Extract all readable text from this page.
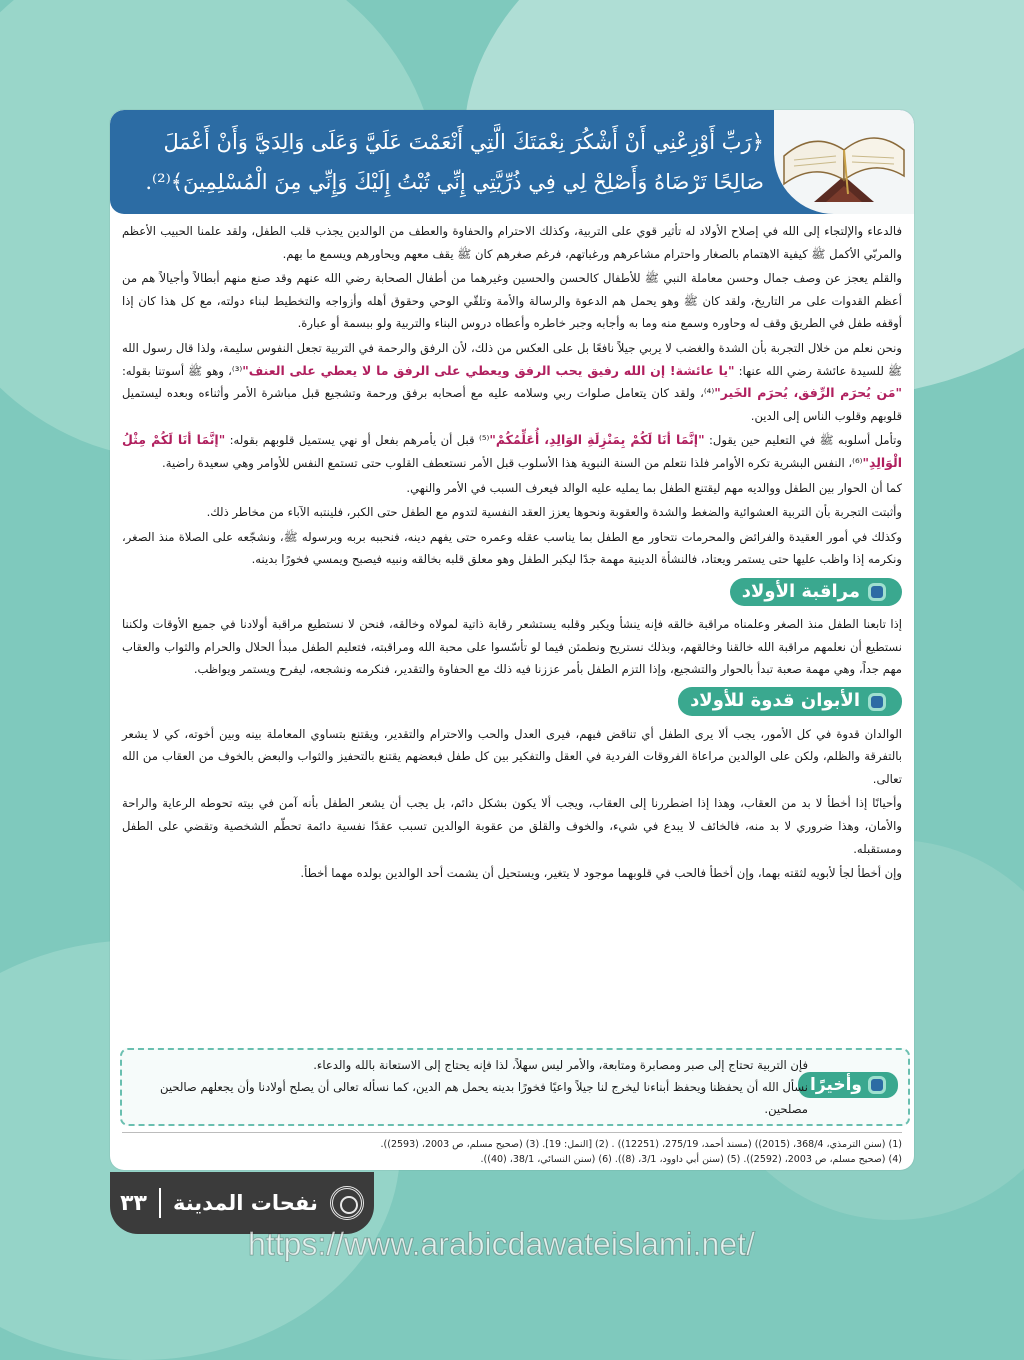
﴿رَبِّ أَوْزِعْنِي أَنْ أَشْكُرَ نِعْمَتَكَ الَّتِي أَنْعَمْتَ عَلَيَّ وَعَلَى وَالِدَيَّ وَأَنْ أَعْمَلَ صَالِحًا تَرْضَاهُ وَأَصْلِحْ لِي فِي ذُرِّيَّتِي إِنِّي تُبْتُ إِلَيْكَ وَإِنِّي مِنَ الْمُسْلِمِينَ﴾⁽²⁾.

فالدعاء والإلتجاء إلى الله في إصلاح الأولاد له تأثير قوي على التربية، وكذلك الاحترام والحفاوة والعطف من الوالدين يجذب قلب الطفل، ولقد علمنا الحبيب الأعظم والمربّي الأكمل ﷺ كيفية الاهتمام بالصغار واحترام مشاعرهم ورغباتهم، فرغم صغرهم كان ﷺ يقف معهم ويحاورهم ويسمع ما بهم.

والقلم يعجز عن وصف جمال وحسن معاملة النبي ﷺ للأطفال كالحسن والحسين وغيرهما من أطفال الصحابة رضي الله عنهم وقد صنع منهم أبطالاً وأجيالاً هم من أعظم القدوات على مر التاريخ، ولقد كان ﷺ وهو يحمل هم الدعوة والرسالة والأمة وتلقّي الوحي وحقوق أهله وأزواجه والتخطيط لبناء دولته، مع كل هذا كان إذا أوقفه طفل في الطريق وقف له وحاوره وسمع منه وما به وأجابه وجبر خاطره وأعطاه دروس البناء والتربية ولو ببسمة أو عبارة.

ونحن نعلم من خلال التجربة بأن الشدة والغضب لا يربي جيلاً نافعًا بل على العكس من ذلك، لأن الرفق والرحمة في التربية تجعل النفوس سليمة، ولذا قال رسول الله ﷺ للسيدة عائشة رضي الله عنها: "يا عائشة! إن الله رفيق يحب الرفق ويعطي على الرفق ما لا يعطي على العنف"⁽³⁾، وهو ﷺ أسوتنا بقوله: "مَن يُحرَم الرِّفق، يُحرَم الخَير"⁽⁴⁾، ولقد كان يتعامل صلوات ربي وسلامه عليه مع أصحابه برفق ورحمة وتشجيع قبل مباشرة الأمر وأثناءه وبعده ليستميل قلوبهم وقلوب الناس إلى الدين.

وتأمل أسلوبه ﷺ في التعليم حين يقول: "إنَّمَا أنَا لَكُمْ بِمَنْزِلَةِ الوَالِدِ، أُعَلِّمُكُمْ"⁽⁵⁾ قبل أن يأمرهم بفعل أو نهي يستميل قلوبهم بقوله: "إنَّمَا أنَا لَكُمْ مِثْلُ الْوَالِدِ"⁽⁶⁾، النفس البشرية تكره الأوامر فلذا نتعلم من السنة النبوية هذا الأسلوب قبل الأمر نستعطف القلوب حتى تستمع النفس للأوامر وهي سعيدة راضية.

كما أن الحوار بين الطفل ووالديه مهم ليقتنع الطفل بما يمليه عليه الوالد فيعرف السبب في الأمر والنهي.

وأثبتت التجربة بأن التربية العشوائية والضغط والشدة والعقوبة ونحوها يعزز العقد النفسية لتدوم مع الطفل حتى الكبر، فلينتبه الآباء من مخاطر ذلك.

وكذلك في أمور العقيدة والفرائض والمحرمات نتحاور مع الطفل بما يناسب عقله وعمره حتى يفهم دينه، فنحببه بربه وبرسوله ﷺ، ونشجّعه على الصلاة منذ الصغر، ونكرمه إذا واظب عليها حتى يستمر ويعتاد، فالنشأة الدينية مهمة جدًا ليكبر الطفل وهو معلق قلبه بخالقه ونبيه فيصبح ويمسي فخورًا بدينه.

مراقبة الأولاد

إذا تابعنا الطفل منذ الصغر وعلمناه مراقبة خالقه فإنه ينشأ ويكبر وقلبه يستشعر رقابة ذاتية لمولاه وخالقه، فنحن لا نستطيع مراقبة أولادنا في جميع الأوقات ولكننا نستطيع أن نعلمهم مراقبة الله خالقنا وخالقهم، وبذلك نستريح ونطمئن فيما لو تأسّسوا على محبة الله ومراقبته، فتعليم الطفل مبدأ الحلال والحرام والثواب والعقاب مهم جداً، وهي مهمة صعبة تبدأ بالحوار والتشجيع، وإذا التزم الطفل بأمر عززنا فيه ذلك مع الحفاوة والتقدير، فنكرمه ونشجعه، ليفرح ويستمر ويواظب.

الأبوان قدوة للأولاد

الوالدان قدوة في كل الأمور، يجب ألا يرى الطفل أي تناقض فيهم، فيرى العدل والحب والاحترام والتقدير، ويقتنع بتساوي المعاملة بينه وبين أخوته، كي لا يشعر بالتفرقة والظلم، ولكن على الوالدين مراعاة الفروقات الفردية في العقل والتفكير بين كل طفل فبعضهم يقتنع بالتحفيز والثواب والبعض بالخوف من العقاب من الله تعالى.

وأحيانًا إذا أخطأ لا بد من العقاب، وهذا إذا اضطررنا إلى العقاب، ويجب ألا يكون بشكل دائم، بل يجب أن يشعر الطفل بأنه آمن في بيته تحوطه الرعاية والراحة والأمان، وهذا ضروري لا بد منه، فالخائف لا يبدع في شيء، والخوف والقلق من عقوبة الوالدين تسبب عقدًا نفسية دائمة تحطّم الشخصية وتقضي على الطفل ومستقبله.

وإن أخطأ لجأ لأبويه لثقته بهما، وإن أخطأ فالحب في قلوبهما موجود لا يتغير، ويستحيل أن يشمت أحد الوالدين بولده مهما أخطأ.

وأخيرًا
فإن التربية تحتاج إلى صبر ومصابرة ومتابعة، والأمر ليس سهلاً، لذا فإنه يحتاج إلى الاستعانة بالله والدعاء.
نسأل الله أن يحفظنا ويحفظ أبناءنا ليخرج لنا جيلاً واعيًا فخورًا بدينه يحمل هم الدين، كما نسأله تعالى أن يصلح أولادنا وأن يجعلهم صالحين مصلحين.
(1) (سنن الترمذي، 368/4، (2015)) (مسند أحمد، 275/19، (12251)) . (2) [النمل: 19]. (3) (صحيح مسلم، ص 2003، (2593)).
(4) (صحيح مسلم، ص 2003، (2592)). (5) (سنن أبي داوود، 3/1، (8)). (6) (سنن النسائي، 38/1، (40)).
نفحات المدينة
٣٣
https://www.arabicdawateislami.net/
